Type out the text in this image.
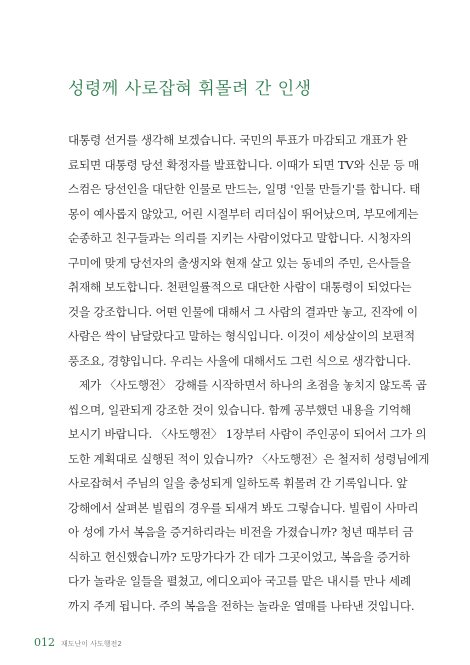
성령께 사로잡혀 휘몰려 간 인생
대통령 선거를 생각해 보겠습니다. 국민의 투표가 마감되고 개표가 완
료되면 대통령 당선 확정자를 발표합니다. 이때가 되면 TV와 신문 등 매
스컴은 당선인을 대단한 인물로 만드는, 일명 '인물 만들기'를 합니다. 태
몽이 예사롭지 않았고, 어린 시절부터 리더십이 뛰어났으며, 부모에게는
순종하고 친구들과는 의리를 지키는 사람이었다고 말합니다. 시청자의
구미에 맞게 당선자의 출생지와 현재 살고 있는 동네의 주민, 은사들을
취재해 보도합니다. 천편일률적으로 대단한 사람이 대통령이 되었다는
것을 강조합니다. 어떤 인물에 대해서 그 사람의 결과만 놓고, 진작에 이
사람은 싹이 남달랐다고 말하는 형식입니다. 이것이 세상살이의 보편적
풍조요, 경향입니다. 우리는 사울에 대해서도 그런 식으로 생각합니다.
제가 〈사도행전〉 강해를 시작하면서 하나의 초점을 놓치지 않도록 곱
씹으며, 일관되게 강조한 것이 있습니다. 함께 공부했던 내용을 기억해
보시기 바랍니다. 〈사도행전〉 1장부터 사람이 주인공이 되어서 그가 의
도한 계획대로 실행된 적이 있습니까? 〈사도행전〉은 철저히 성령님에게
사로잡혀서 주님의 일을 충성되게 일하도록 휘몰려 간 기록입니다. 앞
강해에서 살펴본 빌립의 경우를 되새겨 봐도 그렇습니다. 빌립이 사마리
아 성에 가서 복음을 증거하리라는 비전을 가졌습니까? 청년 때부터 금
식하고 헌신했습니까? 도망가다가 간 데가 그곳이었고, 복음을 증거하
다가 놀라운 일들을 펼쳤고, 에디오피아 국고를 맡은 내시를 만나 세례
까지 주게 됩니다. 주의 복음을 전하는 놀라운 열매를 나타낸 것입니다.
012 재도난이 사도행전2
